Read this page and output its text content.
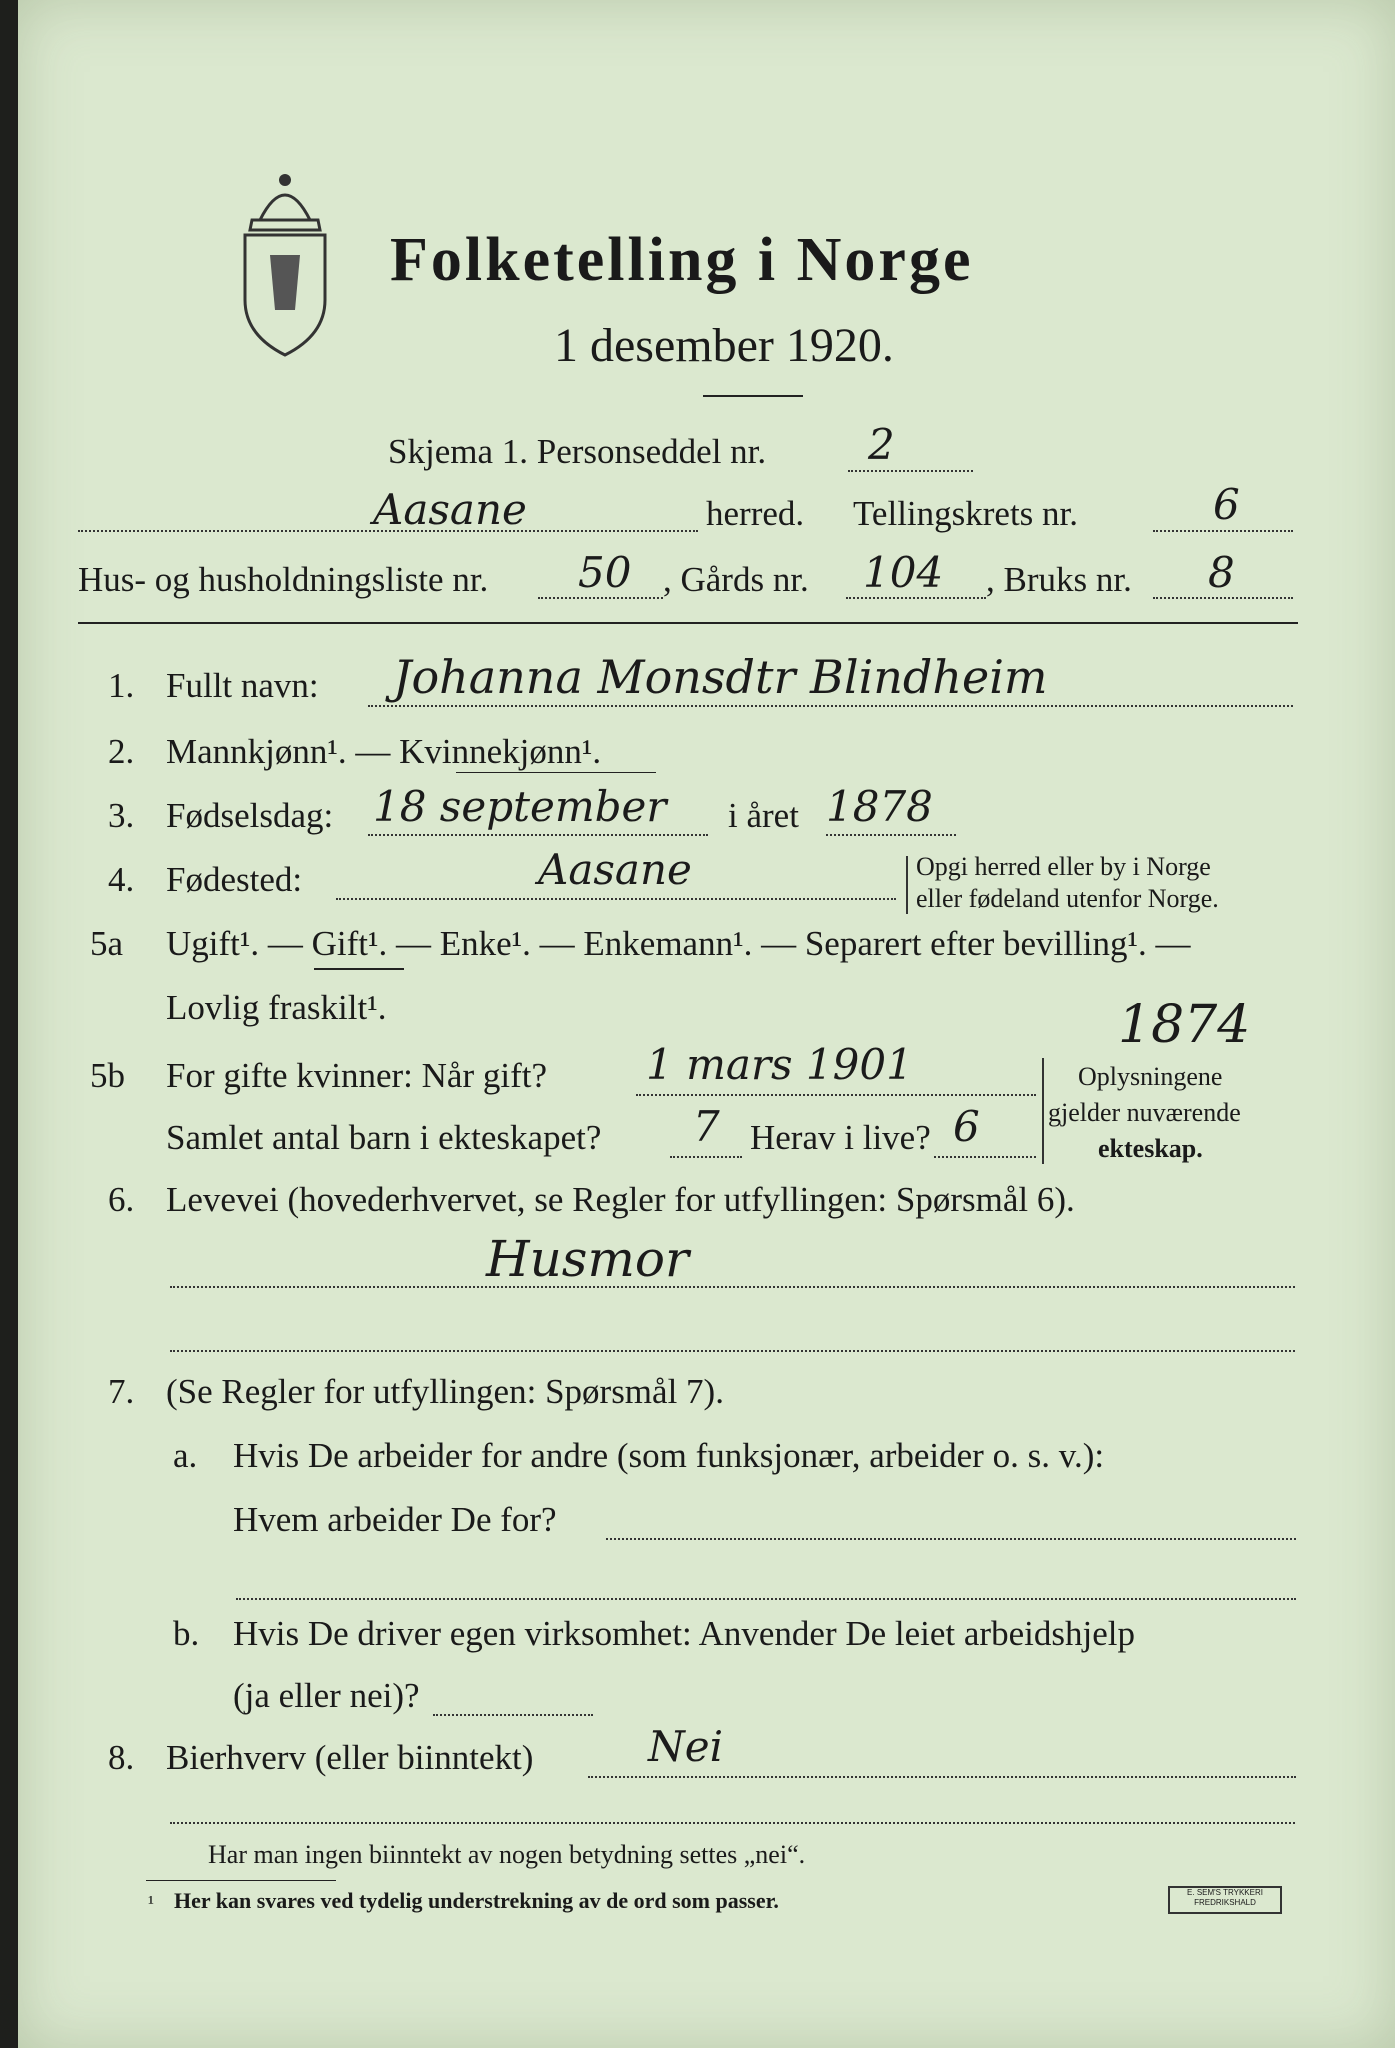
Folketelling i Norge
1 desember 1920.
Skjema 1. Personseddel nr. 2
Aasane	herred. Tellingskrets nr.	6
Hus- og husholdningsliste nr. 50 , Gårds nr. 104 , Bruks nr. 8
1. Fullt navn: Johanna Monsdtr Blindheim
2. Mannkjønn¹. — Kvinnekjønn¹.
3. Fødselsdag: 18 september i året 1878
4. Fødested:	Aasane	Opgi herred eller by i Norge
eller fødeland utenfor Norge.
5a Ugift¹. — Gift¹. — Enke¹. — Enkemann¹. — Separert efter bevilling¹. —
Lovlig fraskilt¹.	1874
5b For gifte kvinner: Når gift? 1 mars 1901
Samlet antal barn i ekteskapet? 7 Herav i live? 6
Oplysningene
gjelder nuværende
ekteskap.
6. Levevei (hovederhvervet, se Regler for utfyllingen: Spørsmål 6).
Husmor
7. (Se Regler for utfyllingen: Spørsmål 7).
a. Hvis De arbeider for andre (som funksjonær, arbeider o. s. v.):
Hvem arbeider De for?
b. Hvis De driver egen virksomhet: Anvender De leiet arbeidshjelp
(ja eller nei)?
8. Bierhverv (eller biinntekt)	Nei
Har man ingen biinntekt av nogen betydning settes „nei“.
¹ Her kan svares ved tydelig understrekning av de ord som passer.	E. SEM'S TRYKKERI FREDRIKSHALD
